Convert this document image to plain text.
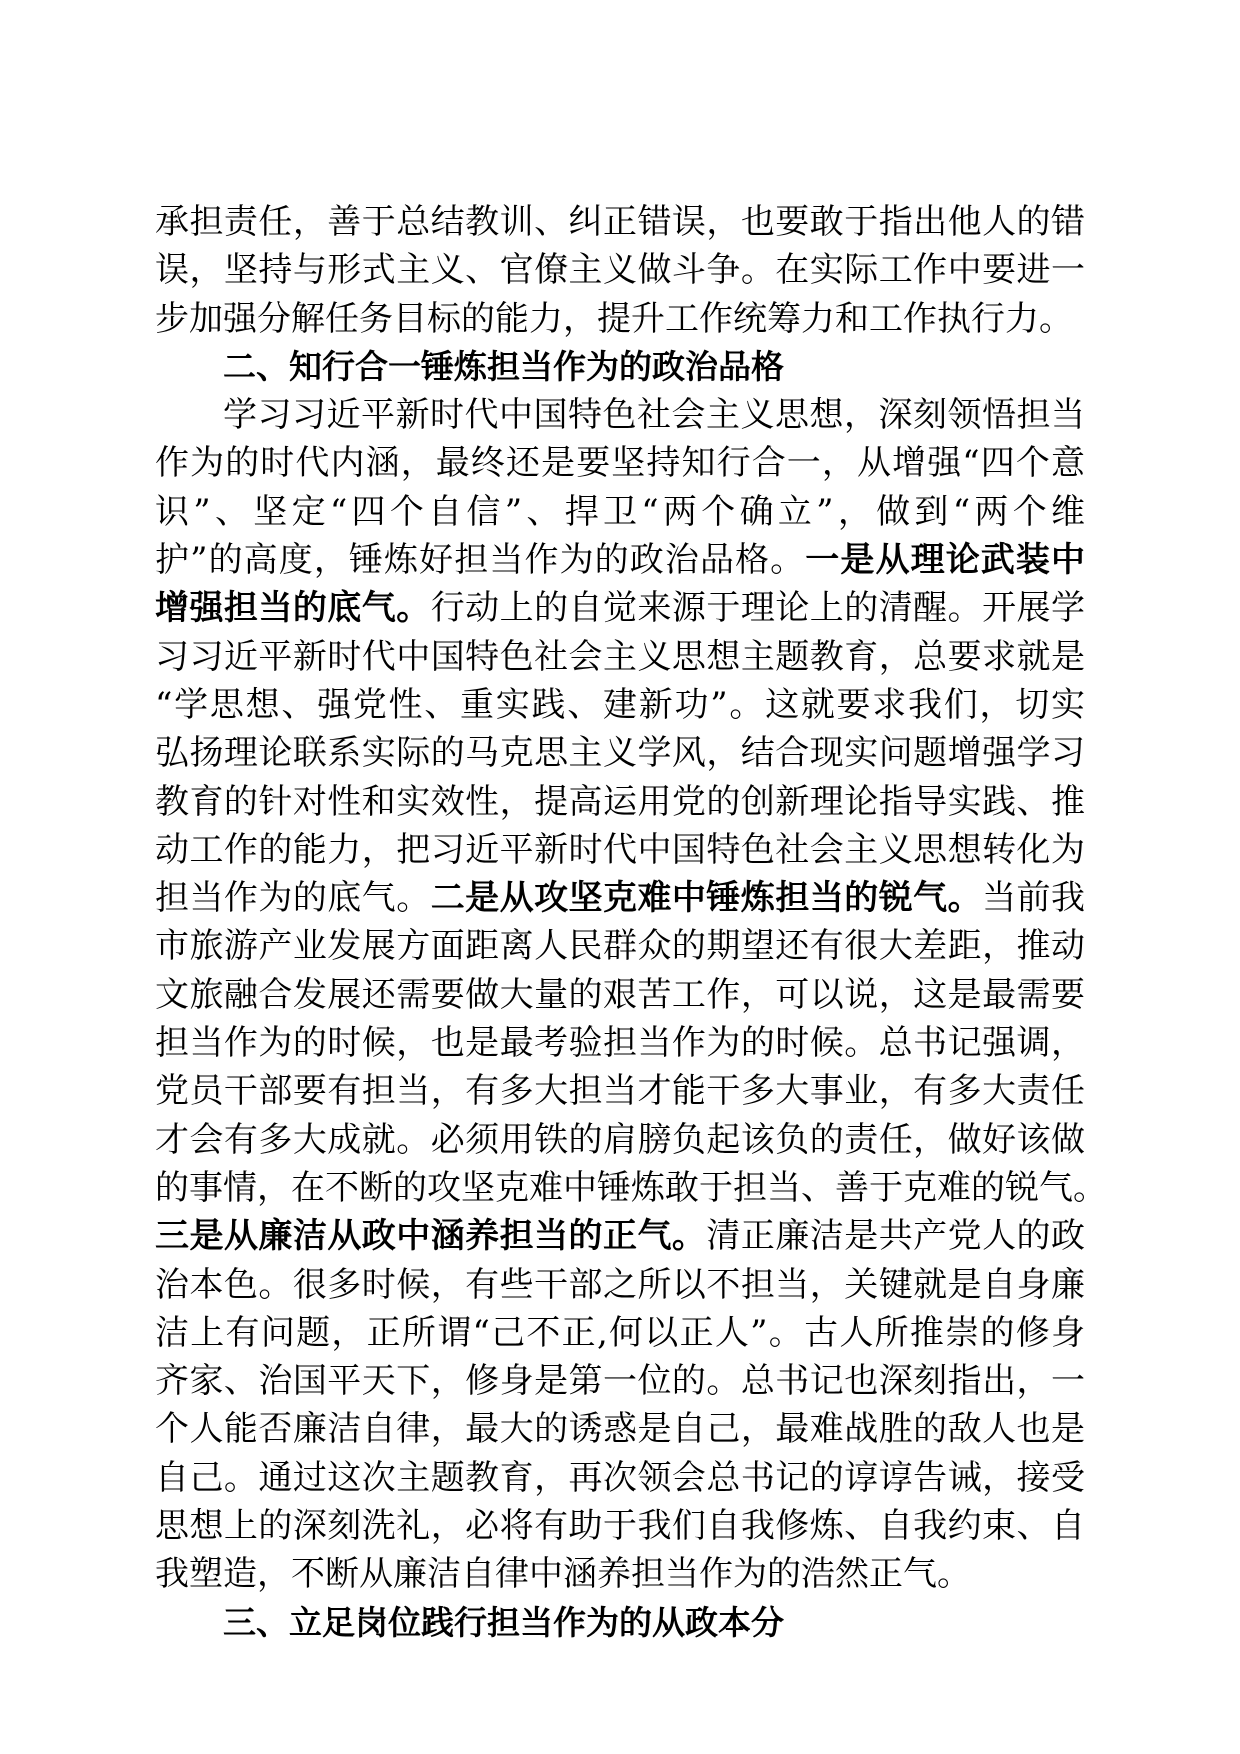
承担责任，善于总结教训、纠正错误，也要敢于指出他人的错
误，坚持与形式主义、官僚主义做斗争。在实际工作中要进一
步加强分解任务目标的能力，提升工作统筹力和工作执行力。
二、知行合一锤炼担当作为的政治品格
学习习近平新时代中国特色社会主义思想，深刻领悟担当
作为的时代内涵，最终还是要坚持知行合一，从增强“四个意
识”、坚定“四个自信”、捍卫“两个确立”，做到“两个维
护”的高度，锤炼好担当作为的政治品格。一是从理论武装中
增强担当的底气。行动上的自觉来源于理论上的清醒。开展学
习习近平新时代中国特色社会主义思想主题教育，总要求就是
“学思想、强党性、重实践、建新功”。这就要求我们，切实
弘扬理论联系实际的马克思主义学风，结合现实问题增强学习
教育的针对性和实效性，提高运用党的创新理论指导实践、推
动工作的能力，把习近平新时代中国特色社会主义思想转化为
担当作为的底气。二是从攻坚克难中锤炼担当的锐气。当前我
市旅游产业发展方面距离人民群众的期望还有很大差距，推动
文旅融合发展还需要做大量的艰苦工作，可以说，这是最需要
担当作为的时候，也是最考验担当作为的时候。总书记强调，
党员干部要有担当，有多大担当才能干多大事业，有多大责任
才会有多大成就。必须用铁的肩膀负起该负的责任，做好该做
的事情，在不断的攻坚克难中锤炼敢于担当、善于克难的锐气。
三是从廉洁从政中涵养担当的正气。清正廉洁是共产党人的政
治本色。很多时候，有些干部之所以不担当，关键就是自身廉
洁上有问题，正所谓“己不正,何以正人”。古人所推崇的修身
齐家、治国平天下，修身是第一位的。总书记也深刻指出，一
个人能否廉洁自律，最大的诱惑是自己，最难战胜的敌人也是
自己。通过这次主题教育，再次领会总书记的谆谆告诫，接受
思想上的深刻洗礼，必将有助于我们自我修炼、自我约束、自
我塑造，不断从廉洁自律中涵养担当作为的浩然正气。
三、立足岗位践行担当作为的从政本分
